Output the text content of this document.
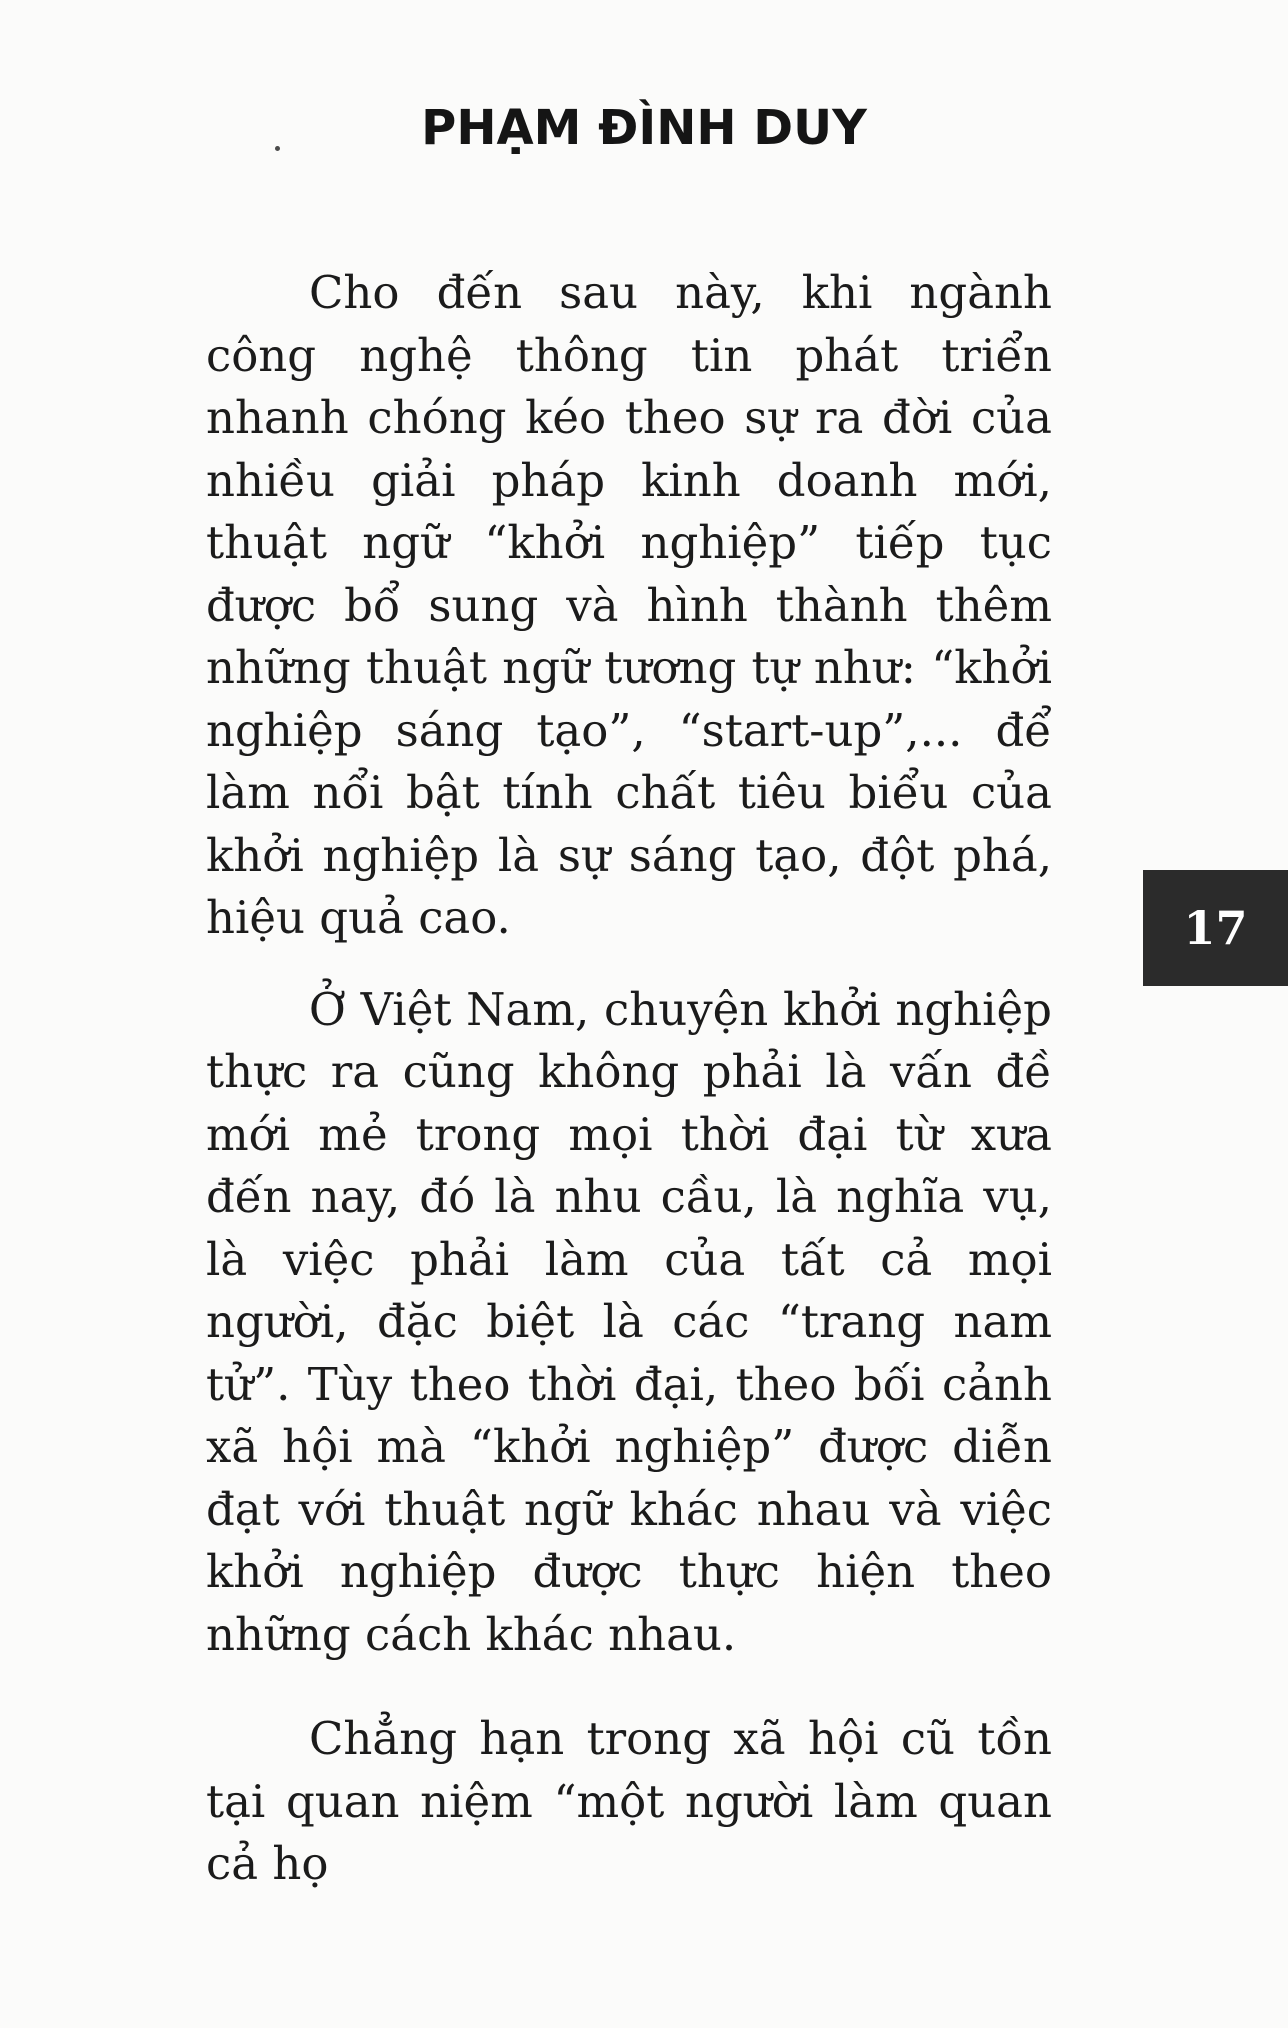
PHẠM ĐÌNH DUY

Cho đến sau này, khi ngành công nghệ thông tin phát triển nhanh chóng kéo theo sự ra đời của nhiều giải pháp kinh doanh mới, thuật ngữ “khởi nghiệp” tiếp tục được bổ sung và hình thành thêm những thuật ngữ tương tự như: “khởi nghiệp sáng tạo”, “start-up”,... để làm nổi bật tính chất tiêu biểu của khởi nghiệp là sự sáng tạo, đột phá, hiệu quả cao.

Ở Việt Nam, chuyện khởi nghiệp thực ra cũng không phải là vấn đề mới mẻ trong mọi thời đại từ xưa đến nay, đó là nhu cầu, là nghĩa vụ, là việc phải làm của tất cả mọi người, đặc biệt là các “trang nam tử”. Tùy theo thời đại, theo bối cảnh xã hội mà “khởi nghiệp” được diễn đạt với thuật ngữ khác nhau và việc khởi nghiệp được thực hiện theo những cách khác nhau.

Chẳng hạn trong xã hội cũ tồn tại quan niệm “một người làm quan cả họ

17
